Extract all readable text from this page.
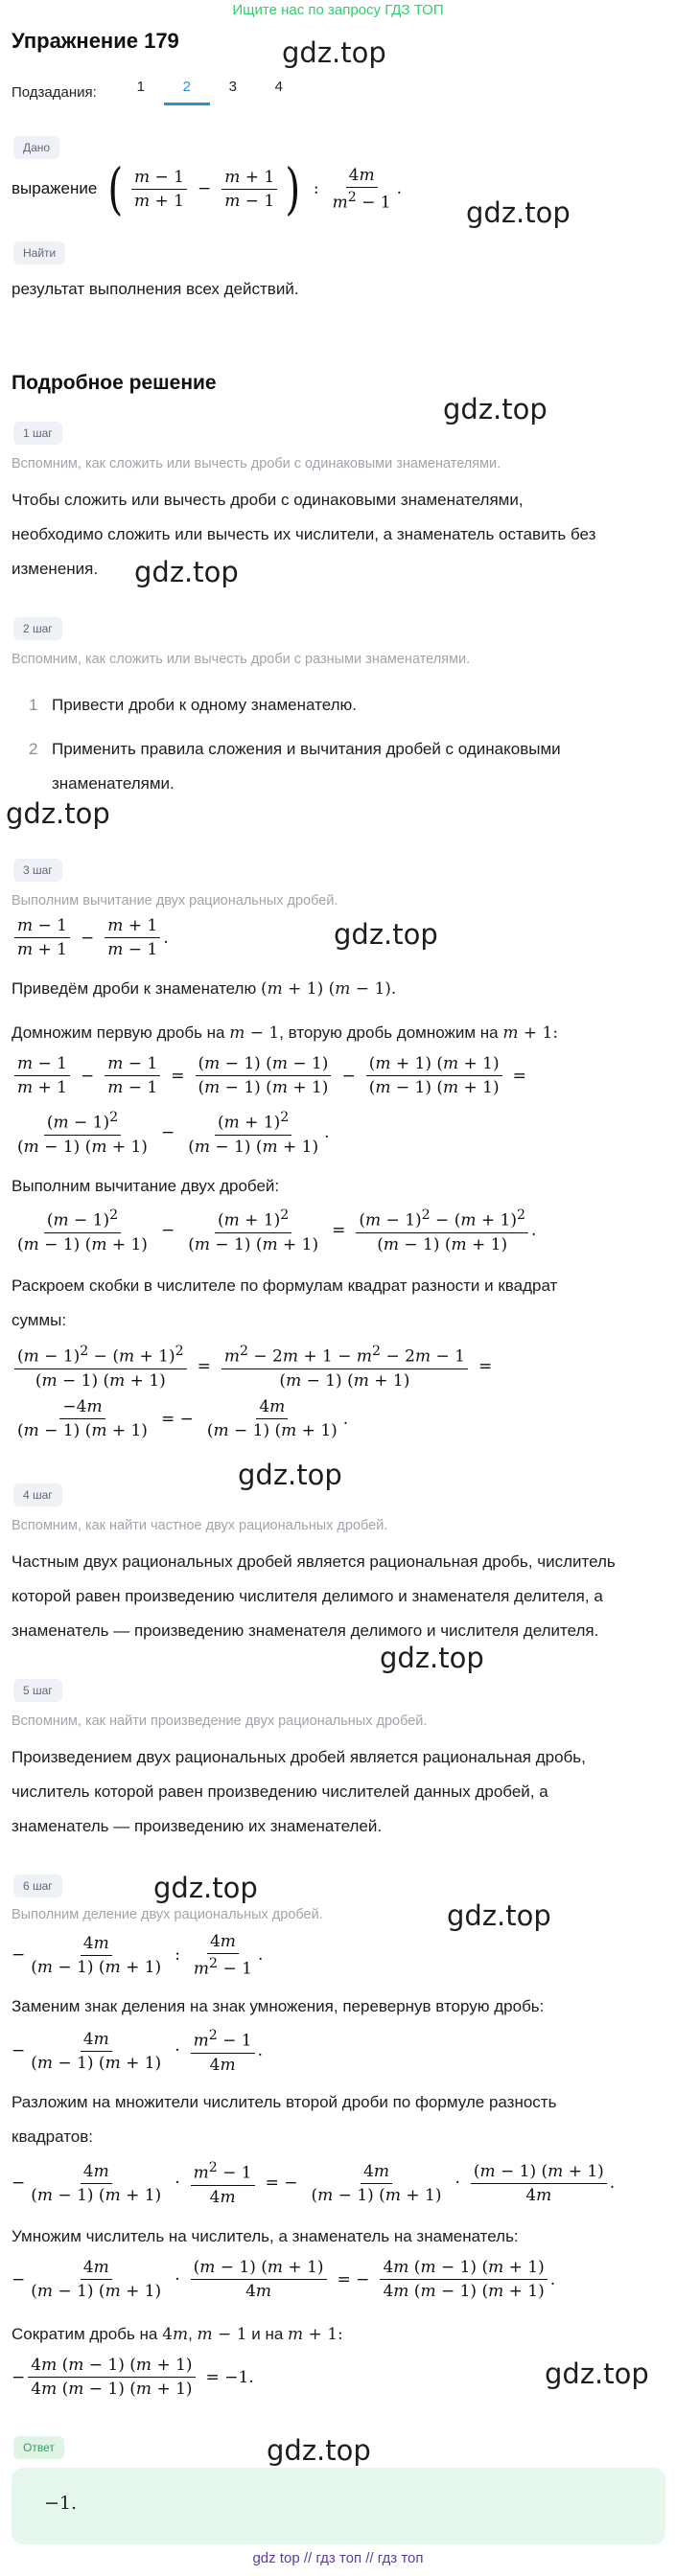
Ищите нас по запросу ГДЗ ТОП
gdz.top
gdz.top
gdz.top
gdz.top
gdz.top
gdz.top
gdz.top
gdz.top
gdz.top
gdz.top
gdz.top
gdz.top
Упражнение 179
Подзадания:	1	2	3	4
Дано
выражение ( $\frac{m - 1}{m + 1} - \frac{m + 1}{m - 1}$ ) : $\frac{4m}{m^2 - 1}$ .
Найти
результат выполнения всех действий.
Подробное решение
1 шаг
Вспомним, как сложить или вычесть дроби с одинаковыми знаменателями.
Чтобы сложить или вычесть дроби с одинаковыми знаменателями,
необходимо сложить или вычесть их числители, а знаменатель оставить без
изменения.
2 шаг
Вспомним, как сложить или вычесть дроби с разными знаменателями.
1 Привести дроби к одному знаменателю.
2 Применить правила сложения и вычитания дробей с одинаковыми
знаменателями.
3 шаг
Выполним вычитание двух рациональных дробей.
$\frac{m - 1}{m + 1} - \frac{m + 1}{m - 1}$ .
Приведём дроби к знаменателю (m + 1) (m − 1).
Домножим первую дробь на m − 1, вторую дробь домножим на m + 1:
$\frac{m - 1}{m + 1} - \frac{m - 1}{m - 1} = \frac{(m - 1) (m - 1)}{(m - 1) (m + 1)} - \frac{(m + 1) (m + 1)}{(m - 1) (m + 1)}$ =
$\frac{(m - 1)^2}{(m - 1) (m + 1)} - \frac{(m + 1)^2}{(m - 1) (m + 1)}$ .
Выполним вычитание двух дробей:
$\frac{(m - 1)^2}{(m - 1) (m + 1)} - \frac{(m + 1)^2}{(m - 1) (m + 1)} = \frac{(m - 1)^2 - (m + 1)^2}{(m - 1) (m + 1)}$ .
Раскроем скобки в числителе по формулам квадрат разности и квадрат
суммы:
$\frac{(m - 1)^2 - (m + 1)^2}{(m - 1) (m + 1)} = \frac{m^2 - 2m + 1 - m^2 - 2m - 1}{(m - 1) (m + 1)}$ =
$\frac{-4m}{(m - 1) (m + 1)}$ = − $\frac{4m}{(m - 1) (m + 1)}$ .
4 шаг
Вспомним, как найти частное двух рациональных дробей.
Частным двух рациональных дробей является рациональная дробь, числитель
которой равен произведению числителя делимого и знаменателя делителя, а
знаменатель — произведению знаменателя делимого и числителя делителя.
5 шаг
Вспомним, как найти произведение двух рациональных дробей.
Произведением двух рациональных дробей является рациональная дробь,
числитель которой равен произведению числителей данных дробей, а
знаменатель — произведению их знаменателей.
6 шаг
Выполним деление двух рациональных дробей.
− $\frac{4m}{(m - 1) (m + 1)}$ : $\frac{4m}{m^2 - 1}$ .
Заменим знак деления на знак умножения, перевернув вторую дробь:
− $\frac{4m}{(m - 1) (m + 1)} \cdot \frac{m^2 - 1}{4m}$ .
Разложим на множители числитель второй дроби по формуле разность
квадратов:
− $\frac{4m}{(m - 1) (m + 1)} \cdot \frac{m^2 - 1}{4m}$ = − $\frac{4m}{(m - 1) (m + 1)} \cdot \frac{(m - 1) (m + 1)}{4m}$ .
Умножим числитель на числитель, а знаменатель на знаменатель:
− $\frac{4m}{(m - 1) (m + 1)} \cdot \frac{(m - 1) (m + 1)}{4m}$ = − $\frac{4m (m - 1) (m + 1)}{4m (m - 1) (m + 1)}$ .
Сократим дробь на 4m, m − 1 и на m + 1:
− $\frac{4m (m - 1) (m + 1)}{4m (m - 1) (m + 1)} = -1$.
Ответ
−1.
gdz top // гдз топ // гдз топ
